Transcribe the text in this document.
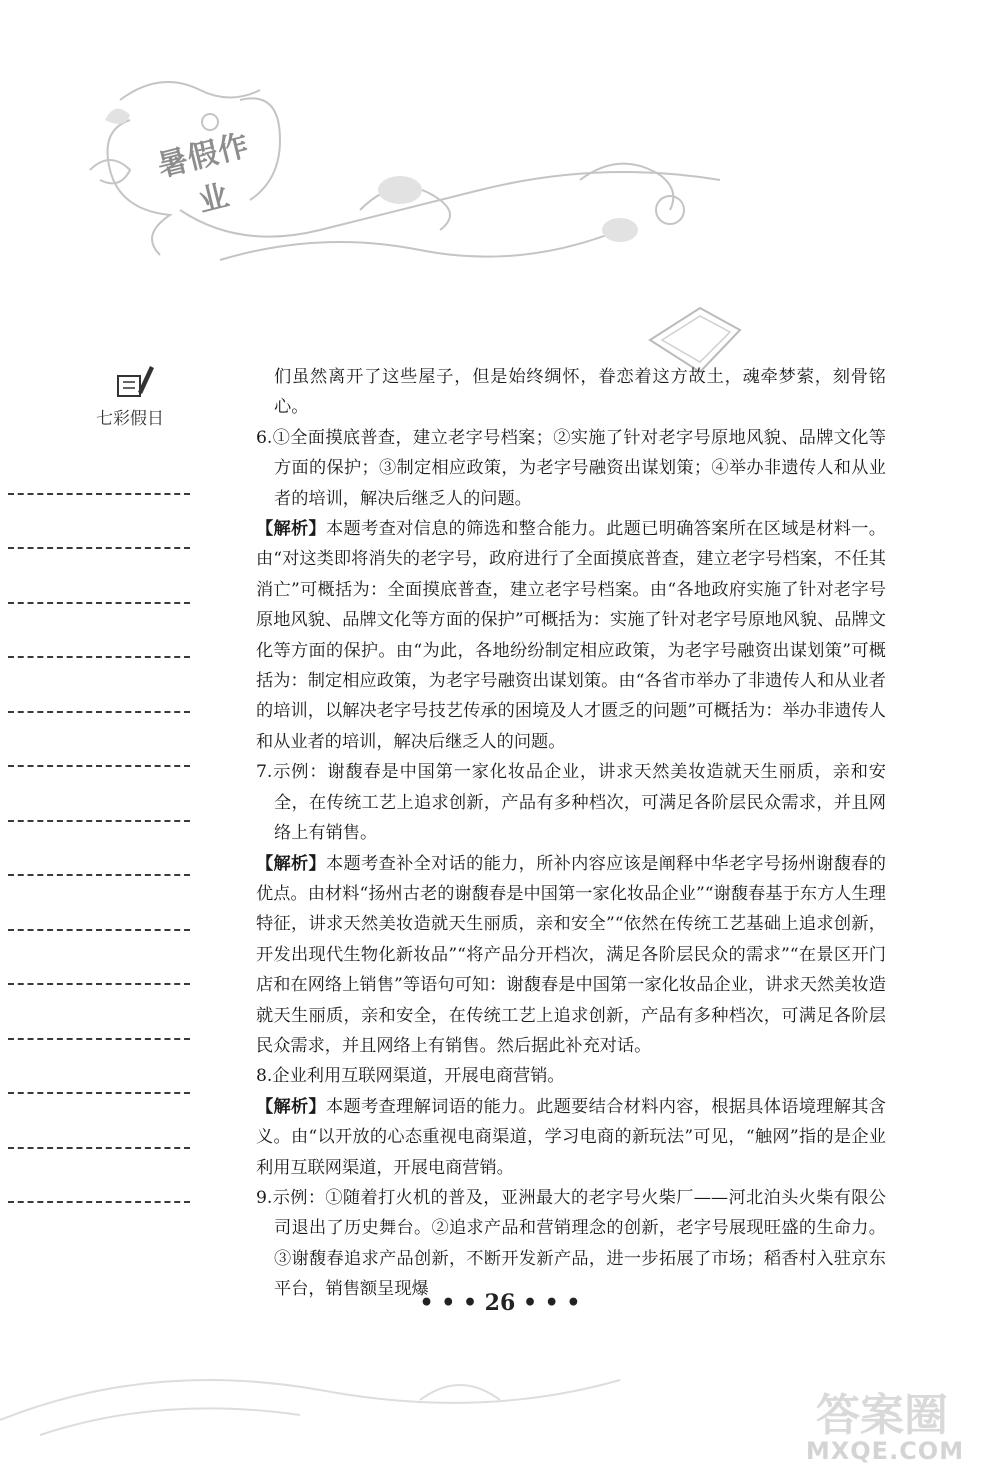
暑假作业
七彩假日

们虽然离开了这些屋子，但是始终绸怀，眷恋着这方故土，魂牵梦萦，刻骨铭心。

6.①全面摸底普查，建立老字号档案；②实施了针对老字号原地风貌、品牌文化等方面的保护；③制定相应政策，为老字号融资出谋划策；④举办非遗传人和从业者的培训，解决后继乏人的问题。

【解析】本题考查对信息的筛选和整合能力。此题已明确答案所在区域是材料一。由“对这类即将消失的老字号，政府进行了全面摸底普查，建立老字号档案，不任其消亡”可概括为：全面摸底普查，建立老字号档案。由“各地政府实施了针对老字号原地风貌、品牌文化等方面的保护”可概括为：实施了针对老字号原地风貌、品牌文化等方面的保护。由“为此，各地纷纷制定相应政策，为老字号融资出谋划策”可概括为：制定相应政策，为老字号融资出谋划策。由“各省市举办了非遗传人和从业者的培训，以解决老字号技艺传承的困境及人才匮乏的问题”可概括为：举办非遗传人和从业者的培训，解决后继乏人的问题。

7.示例：谢馥春是中国第一家化妆品企业，讲求天然美妆造就天生丽质，亲和安全，在传统工艺上追求创新，产品有多种档次，可满足各阶层民众需求，并且网络上有销售。

【解析】本题考查补全对话的能力，所补内容应该是阐释中华老字号扬州谢馥春的优点。由材料“扬州古老的谢馥春是中国第一家化妆品企业”“谢馥春基于东方人生理特征，讲求天然美妆造就天生丽质，亲和安全”“依然在传统工艺基础上追求创新，开发出现代生物化新妆品”“将产品分开档次，满足各阶层民众的需求”“在景区开门店和在网络上销售”等语句可知：谢馥春是中国第一家化妆品企业，讲求天然美妆造就天生丽质，亲和安全，在传统工艺上追求创新，产品有多种档次，可满足各阶层民众需求，并且网络上有销售。然后据此补充对话。

8.企业利用互联网渠道，开展电商营销。

【解析】本题考查理解词语的能力。此题要结合材料内容，根据具体语境理解其含义。由“以开放的心态重视电商渠道，学习电商的新玩法”可见，“触网”指的是企业利用互联网渠道，开展电商营销。

9.示例：①随着打火机的普及，亚洲最大的老字号火柴厂——河北泊头火柴有限公司退出了历史舞台。②追求产品和营销理念的创新，老字号展现旺盛的生命力。③谢馥春追求产品创新，不断开发新产品，进一步拓展了市场；稻香村入驻京东平台，销售额呈现爆

• • • 26 • • •
答案圈
MXQE.COM
